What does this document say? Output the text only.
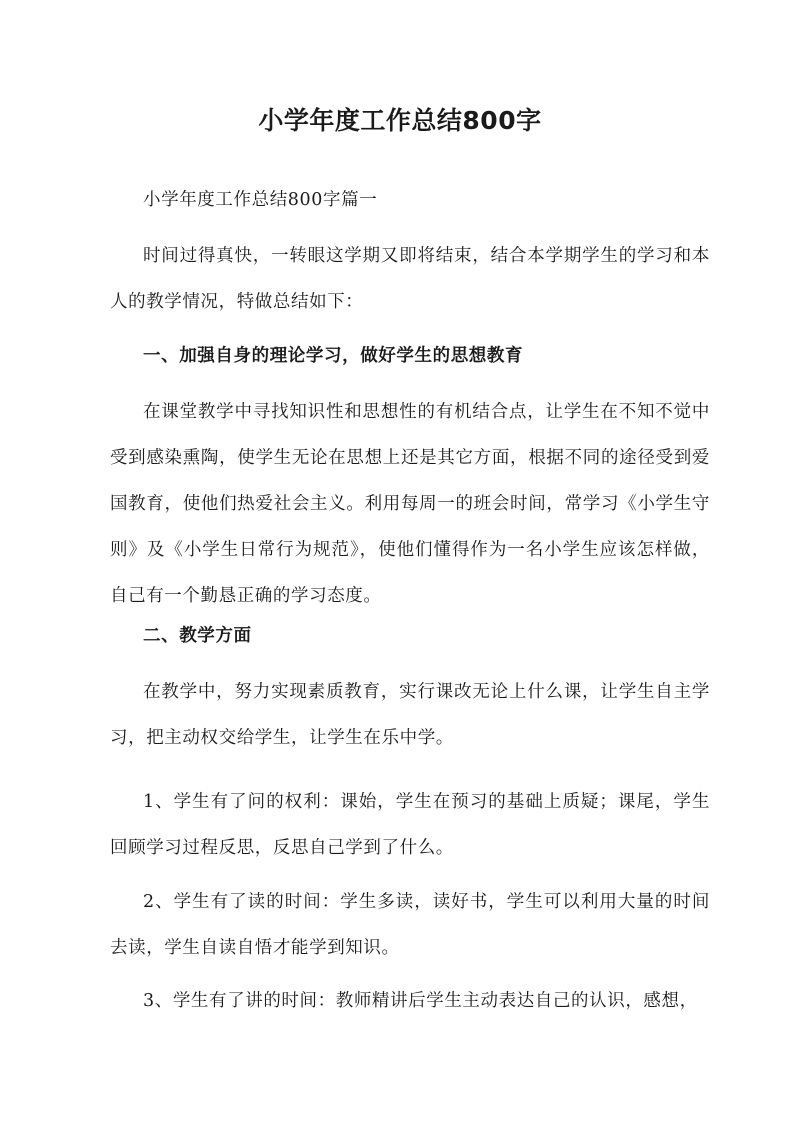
小学年度工作总结800字

小学年度工作总结800字篇一

时间过得真快，一转眼这学期又即将结束，结合本学期学生的学习和本人的教学情况，特做总结如下：

一、加强自身的理论学习，做好学生的思想教育

在课堂教学中寻找知识性和思想性的有机结合点，让学生在不知不觉中受到感染熏陶，使学生无论在思想上还是其它方面，根据不同的途径受到爱国教育，使他们热爱社会主义。利用每周一的班会时间，常学习《小学生守则》及《小学生日常行为规范》，使他们懂得作为一名小学生应该怎样做，自己有一个勤恳正确的学习态度。

二、教学方面

在教学中，努力实现素质教育，实行课改无论上什么课，让学生自主学习，把主动权交给学生，让学生在乐中学。

1、学生有了问的权利：课始，学生在预习的基础上质疑；课尾，学生回顾学习过程反思，反思自己学到了什么。

2、学生有了读的时间：学生多读，读好书，学生可以利用大量的时间去读，学生自读自悟才能学到知识。

3、学生有了讲的时间：教师精讲后学生主动表达自己的认识，感想，
